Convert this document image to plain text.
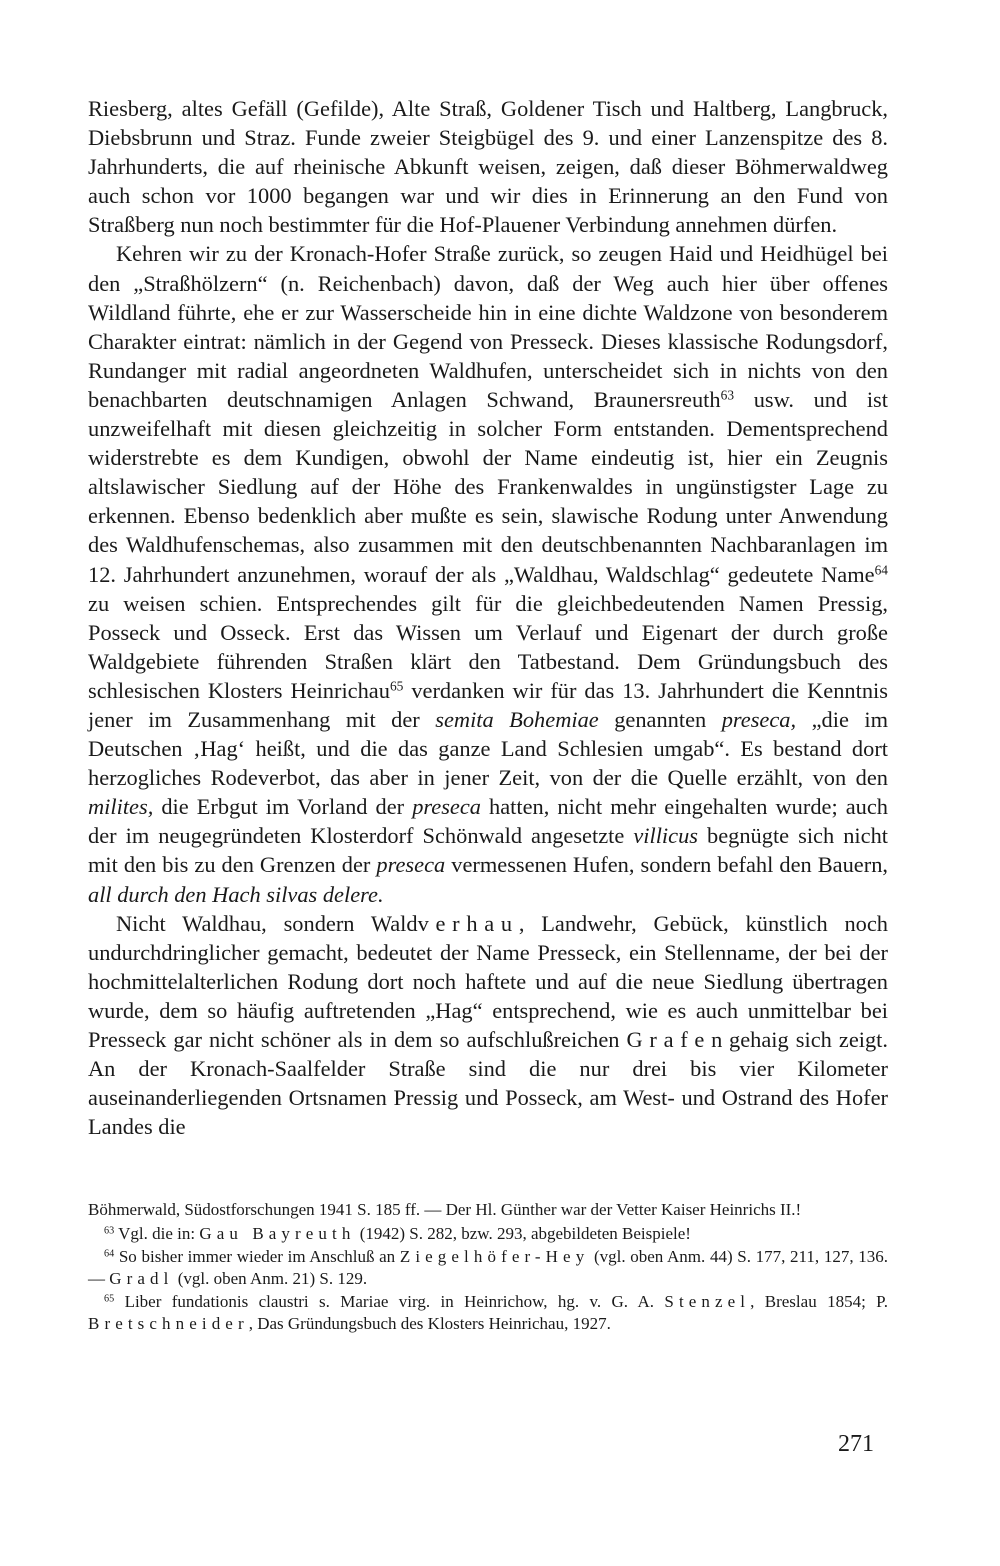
Riesberg, altes Gefäll (Gefilde), Alte Straß, Goldener Tisch und Haltberg, Langbruck, Diebsbrunn und Straz. Funde zweier Steigbügel des 9. und einer Lanzenspitze des 8. Jahrhunderts, die auf rheinische Abkunft weisen, zeigen, daß dieser Böhmerwaldweg auch schon vor 1000 begangen war und wir dies in Erinnerung an den Fund von Straßberg nun noch bestimmter für die Hof-Plauener Verbindung annehmen dürfen.

Kehren wir zu der Kronach-Hofer Straße zurück, so zeugen Haid und Heidhügel bei den „Straßhölzern“ (n. Reichenbach) davon, daß der Weg auch hier über offenes Wildland führte, ehe er zur Wasserscheide hin in eine dichte Waldzone von besonderem Charakter eintrat: nämlich in der Gegend von Presseck. Dieses klassische Rodungsdorf, Rundanger mit radial angeordneten Waldhufen, unterscheidet sich in nichts von den benachbarten deutschnamigen Anlagen Schwand, Braunersreuth$^{63}$ usw. und ist unzweifelhaft mit diesen gleichzeitig in solcher Form entstanden. Dementsprechend widerstrebte es dem Kundigen, obwohl der Name eindeutig ist, hier ein Zeugnis altslawischer Siedlung auf der Höhe des Frankenwaldes in ungünstigster Lage zu erkennen. Ebenso bedenklich aber mußte es sein, slawische Rodung unter Anwendung des Waldhufenschemas, also zusammen mit den deutschbenannten Nachbaranlagen im 12. Jahrhundert anzunehmen, worauf der als „Waldhau, Waldschlag“ gedeutete Name$^{64}$ zu weisen schien. Entsprechendes gilt für die gleichbedeutenden Namen Pressig, Posseck und Osseck. Erst das Wissen um Verlauf und Eigenart der durch große Waldgebiete führenden Straßen klärt den Tatbestand. Dem Gründungsbuch des schlesischen Klosters Heinrichau$^{65}$ verdanken wir für das 13. Jahrhundert die Kenntnis jener im Zusammenhang mit der semita Bohemiae genannten preseca, „die im Deutschen ‚Hag‘ heißt, und die das ganze Land Schlesien umgab“. Es bestand dort herzogliches Rodeverbot, das aber in jener Zeit, von der die Quelle erzählt, von den milites, die Erbgut im Vorland der preseca hatten, nicht mehr eingehalten wurde; auch der im neugegründeten Klosterdorf Schönwald angesetzte villicus begnügte sich nicht mit den bis zu den Grenzen der preseca vermessenen Hufen, sondern befahl den Bauern, all durch den Hach silvas delere.

Nicht Waldhau, sondern Waldverhau, Landwehr, Gebück, künstlich noch undurchdringlicher gemacht, bedeutet der Name Presseck, ein Stellenname, der bei der hochmittelalterlichen Rodung dort noch haftete und auf die neue Siedlung übertragen wurde, dem so häufig auftretenden „Hag“ entsprechend, wie es auch unmittelbar bei Presseck gar nicht schöner als in dem so aufschlußreichen Grafengehaig sich zeigt. An der Kronach-Saalfelder Straße sind die nur drei bis vier Kilometer auseinanderliegenden Ortsnamen Pressig und Posseck, am West- und Ostrand des Hofer Landes die

Böhmerwald, Südostforschungen 1941 S. 185 ff. — Der Hl. Günther war der Vetter Kaiser Heinrichs II.!

$^{63}$ Vgl. die in: Gau Bayreuth (1942) S. 282, bzw. 293, abgebildeten Beispiele!

$^{64}$ So bisher immer wieder im Anschluß an Ziegelhöfer-Hey (vgl. oben Anm. 44) S. 177, 211, 127, 136. — Gradl (vgl. oben Anm. 21) S. 129.

$^{65}$ Liber fundationis claustri s. Mariae virg. in Heinrichow, hg. v. G. A. Stenzel, Breslau 1854; P. Bretschneider, Das Gründungsbuch des Klosters Heinrichau, 1927.

271
